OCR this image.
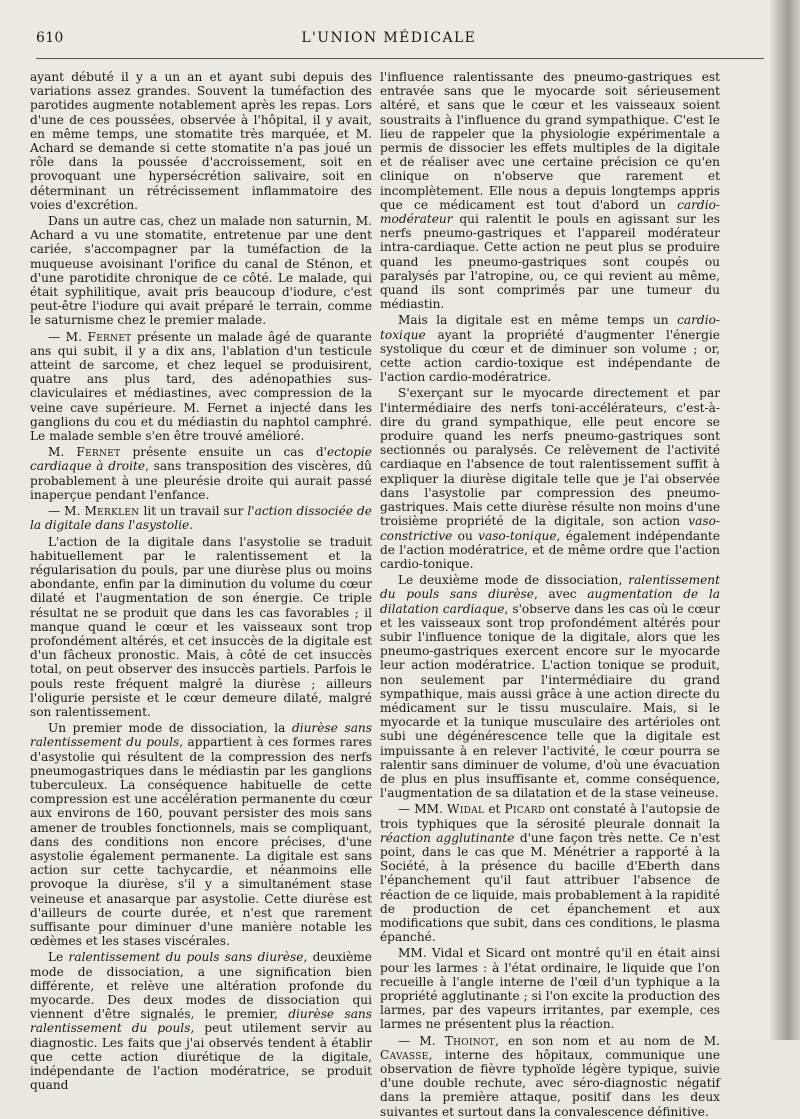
610	L'UNION MÉDICALE

ayant débuté il y a un an et ayant subi depuis des variations assez grandes. Souvent la tuméfaction des parotides augmente notablement après les repas. Lors d'une de ces poussées, observée à l'hôpital, il y avait, en même temps, une stomatite très marquée, et M. Achard se demande si cette stomatite n'a pas joué un rôle dans la poussée d'accroissement, soit en provoquant une hypersécrétion salivaire, soit en déterminant un rétrécissement inflammatoire des voies d'excrétion.

Dans un autre cas, chez un malade non saturnin, M. Achard a vu une stomatite, entretenue par une dent cariée, s'accompagner par la tuméfaction de la muqueuse avoisinant l'orifice du canal de Sténon, et d'une parotidite chronique de ce côté. Le malade, qui était syphilitique, avait pris beaucoup d'iodure, c'est peut-être l'iodure qui avait préparé le terrain, comme le saturnisme chez le premier malade.

— M. Fernet présente un malade âgé de quarante ans qui subit, il y a dix ans, l'ablation d'un testicule atteint de sarcome, et chez lequel se produisirent, quatre ans plus tard, des adénopathies sus-claviculaires et médiastines, avec compression de la veine cave supérieure. M. Fernet a injecté dans les ganglions du cou et du médiastin du naphtol camphré. Le malade semble s'en être trouvé amélioré.

M. Fernet présente ensuite un cas d'ectopie cardiaque à droite, sans transposition des viscères, dû probablement à une pleurésie droite qui aurait passé inaperçue pendant l'enfance.

— M. Merklen lit un travail sur l'action dissociée de la digitale dans l'asystolie.

L'action de la digitale dans l'asystolie se traduit habituellement par le ralentissement et la régularisation du pouls, par une diurèse plus ou moins abondante, enfin par la diminution du volume du cœur dilaté et l'augmentation de son énergie. Ce triple résultat ne se produit que dans les cas favorables ; il manque quand le cœur et les vaisseaux sont trop profondément altérés, et cet insuccès de la digitale est d'un fâcheux pronostic. Mais, à côté de cet insuccès total, on peut observer des insuccès partiels. Parfois le pouls reste fréquent malgré la diurèse ; ailleurs l'oligurie persiste et le cœur demeure dilaté, malgré son ralentissement.

Un premier mode de dissociation, la diurèse sans ralentissement du pouls, appartient à ces formes rares d'asystolie qui résultent de la compression des nerfs pneumogastriques dans le médiastin par les ganglions tuberculeux. La conséquence habituelle de cette compression est une accélération permanente du cœur aux environs de 160, pouvant persister des mois sans amener de troubles fonctionnels, mais se compliquant, dans des conditions non encore précises, d'une asystolie également permanente. La digitale est sans action sur cette tachycardie, et néanmoins elle provoque la diurèse, s'il y a simultanément stase veineuse et anasarque par asystolie. Cette diurèse est d'ailleurs de courte durée, et n'est que rarement suffisante pour diminuer d'une manière notable les œdèmes et les stases viscérales.

Le ralentissement du pouls sans diurèse, deuxième mode de dissociation, a une signification bien différente, et relève une altération profonde du myocarde. Des deux modes de dissociation qui viennent d'être signalés, le premier, diurèse sans ralentissement du pouls, peut utilement servir au diagnostic. Les faits que j'ai observés tendent à établir que cette action diurétique de la digitale, indépendante de l'action modératrice, se produit quand

l'influence ralentissante des pneumo-gastriques est entravée sans que le myocarde soit sérieusement altéré, et sans que le cœur et les vaisseaux soient soustraits à l'influence du grand sympathique. C'est le lieu de rappeler que la physiologie expérimentale a permis de dissocier les effets multiples de la digitale et de réaliser avec une certaine précision ce qu'en clinique on n'observe que rarement et incomplètement. Elle nous a depuis longtemps appris que ce médicament est tout d'abord un cardio-modérateur qui ralentit le pouls en agissant sur les nerfs pneumo-gastriques et l'appareil modérateur intra-cardiaque. Cette action ne peut plus se produire quand les pneumo-gastriques sont coupés ou paralysés par l'atropine, ou, ce qui revient au même, quand ils sont comprimés par une tumeur du médiastin.

Mais la digitale est en même temps un cardio-toxique ayant la propriété d'augmenter l'énergie systolique du cœur et de diminuer son volume ; or, cette action cardio-toxique est indépendante de l'action cardio-modératrice.

S'exerçant sur le myocarde directement et par l'intermédiaire des nerfs toni-accélérateurs, c'est-à-dire du grand sympathique, elle peut encore se produire quand les nerfs pneumo-gastriques sont sectionnés ou paralysés. Ce relèvement de l'activité cardiaque en l'absence de tout ralentissement suffit à expliquer la diurèse digitale telle que je l'ai observée dans l'asystolie par compression des pneumo-gastriques. Mais cette diurèse résulte non moins d'une troisième propriété de la digitale, son action vaso-constrictive ou vaso-tonique, également indépendante de l'action modératrice, et de même ordre que l'action cardio-tonique.

Le deuxième mode de dissociation, ralentissement du pouls sans diurèse, avec augmentation de la dilatation cardiaque, s'observe dans les cas où le cœur et les vaisseaux sont trop profondément altérés pour subir l'influence tonique de la digitale, alors que les pneumo-gastriques exercent encore sur le myocarde leur action modératrice. L'action tonique se produit, non seulement par l'intermédiaire du grand sympathique, mais aussi grâce à une action directe du médicament sur le tissu musculaire. Mais, si le myocarde et la tunique musculaire des artérioles ont subi une dégénérescence telle que la digitale est impuissante à en relever l'activité, le cœur pourra se ralentir sans diminuer de volume, d'où une évacuation de plus en plus insuffisante et, comme conséquence, l'augmentation de sa dilatation et de la stase veineuse.

— MM. Widal et Picard ont constaté à l'autopsie de trois typhiques que la sérosité pleurale donnait la réaction agglutinante d'une façon très nette. Ce n'est point, dans le cas que M. Ménétrier a rapporté à la Société, à la présence du bacille d'Eberth dans l'épanchement qu'il faut attribuer l'absence de réaction de ce liquide, mais probablement à la rapidité de production de cet épanchement et aux modifications que subit, dans ces conditions, le plasma épanché.

MM. Vidal et Sicard ont montré qu'il en était ainsi pour les larmes : à l'état ordinaire, le liquide que l'on recueille à l'angle interne de l'œil d'un typhique a la propriété agglutinante ; si l'on excite la production des larmes, par des vapeurs irritantes, par exemple, ces larmes ne présentent plus la réaction.

— M. Thoinot, en son nom et au nom de M. Cavasse, interne des hôpitaux, communique une observation de fièvre typhoïde légère typique, suivie d'une double rechute, avec séro-diagnostic négatif dans la première attaque, positif dans les deux suivantes et surtout dans la convalescence définitive.
